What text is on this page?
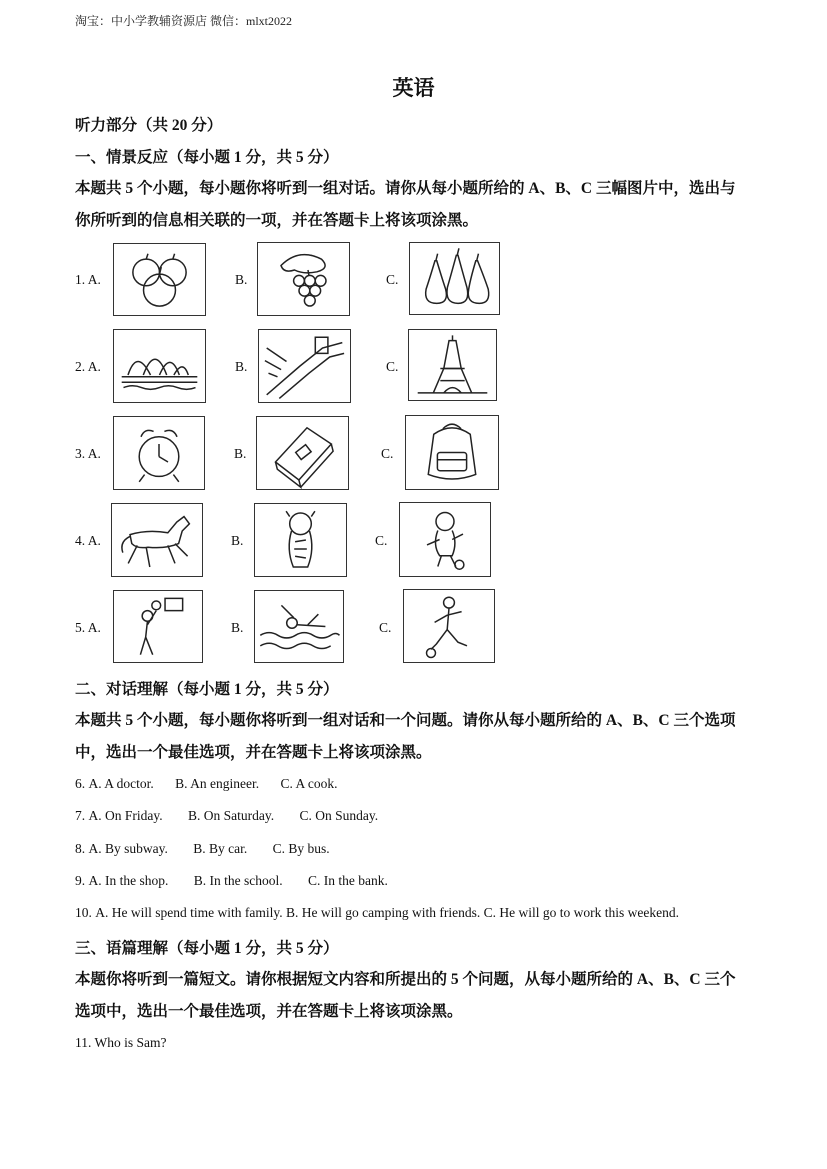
淘宝：中小学教辅资源店 微信：mlxt2022
英语
听力部分（共 20 分）
一、情景反应（每小题 1 分，共 5 分）
本题共 5 个小题，每小题你将听到一组对话。请你从每小题所给的 A、B、C 三幅图片中，选出与你所听到的信息相关联的一项，并在答题卡上将该项涂黑。
1. A.	B.	C.
2. A.	B.	C.
3. A.	B.	C.
4. A.	B.	C.
5. A.	B.	C.
二、对话理解（每小题 1 分，共 5 分）
本题共 5 个小题，每小题你将听到一组对话和一个问题。请你从每小题所给的 A、B、C 三个选项中，选出一个最佳选项，并在答题卡上将该项涂黑。
6. A. A doctor. B. An engineer. C. A cook.
7. A. On Friday. B. On Saturday. C. On Sunday.
8. A. By subway. B. By car. C. By bus.
9. A. In the shop. B. In the school. C. In the bank.
10. A. He will spend time with family. B. He will go camping with friends. C. He will go to work this weekend.
三、语篇理解（每小题 1 分，共 5 分）
本题你将听到一篇短文。请你根据短文内容和所提出的 5 个问题，从每小题所给的 A、B、C 三个选项中，选出一个最佳选项，并在答题卡上将该项涂黑。
11. Who is Sam?
